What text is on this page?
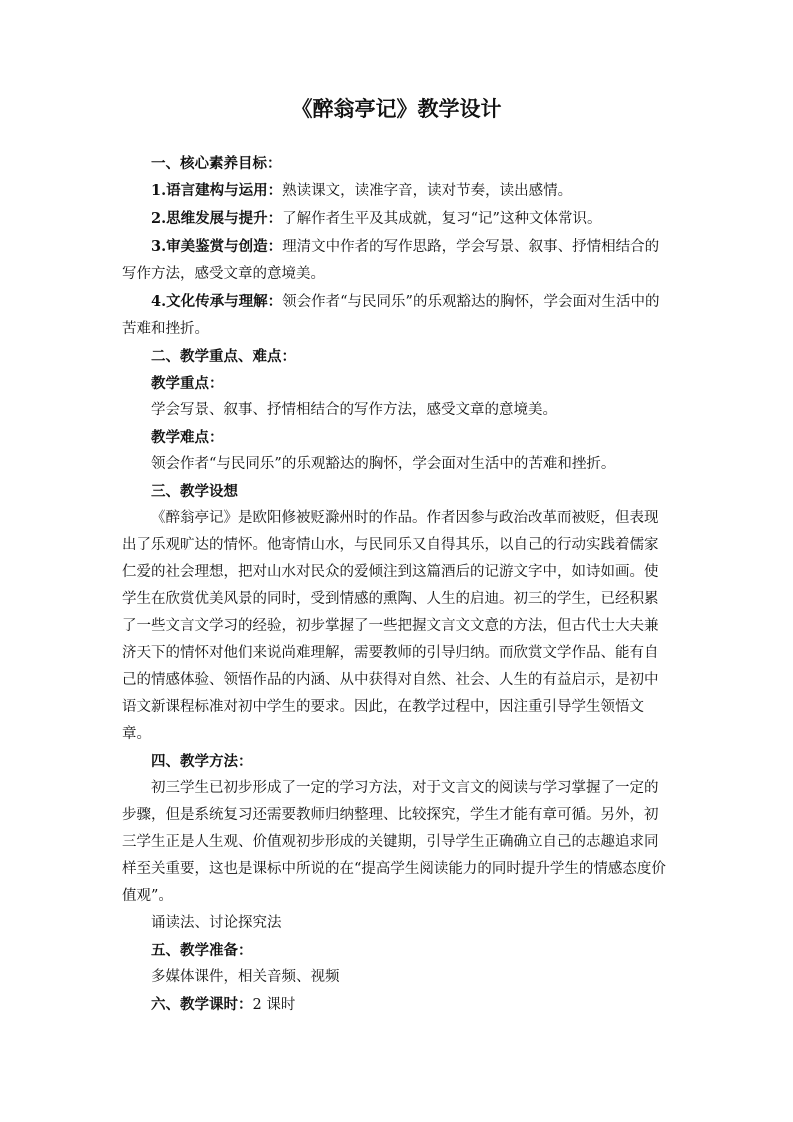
《醉翁亭记》教学设计

一、核心素养目标：

1.语言建构与运用：熟读课文，读准字音，读对节奏，读出感情。

2.思维发展与提升：了解作者生平及其成就，复习“记”这种文体常识。

3.审美鉴赏与创造：理清文中作者的写作思路，学会写景、叙事、抒情相结合的写作方法，感受文章的意境美。

4.文化传承与理解：领会作者“与民同乐”的乐观豁达的胸怀，学会面对生活中的苦难和挫折。

二、教学重点、难点：

教学重点：

学会写景、叙事、抒情相结合的写作方法，感受文章的意境美。

教学难点：

领会作者“与民同乐”的乐观豁达的胸怀，学会面对生活中的苦难和挫折。

三、教学设想

《醉翁亭记》是欧阳修被贬滁州时的作品。作者因参与政治改革而被贬，但表现出了乐观旷达的情怀。他寄情山水，与民同乐又自得其乐，以自己的行动实践着儒家仁爱的社会理想，把对山水对民众的爱倾注到这篇酒后的记游文字中，如诗如画。使学生在欣赏优美风景的同时，受到情感的熏陶、人生的启迪。初三的学生，已经积累了一些文言文学习的经验，初步掌握了一些把握文言文文意的方法，但古代士大夫兼济天下的情怀对他们来说尚难理解，需要教师的引导归纳。而欣赏文学作品、能有自己的情感体验、领悟作品的内涵、从中获得对自然、社会、人生的有益启示，是初中语文新课程标准对初中学生的要求。因此，在教学过程中，因注重引导学生领悟文章。

四、教学方法：

初三学生已初步形成了一定的学习方法，对于文言文的阅读与学习掌握了一定的步骤，但是系统复习还需要教师归纳整理、比较探究，学生才能有章可循。另外，初三学生正是人生观、价值观初步形成的关键期，引导学生正确确立自己的志趣追求同样至关重要，这也是课标中所说的在“提高学生阅读能力的同时提升学生的情感态度价值观”。

诵读法、讨论探究法

五、教学准备：

多媒体课件，相关音频、视频

六、教学课时：2 课时
